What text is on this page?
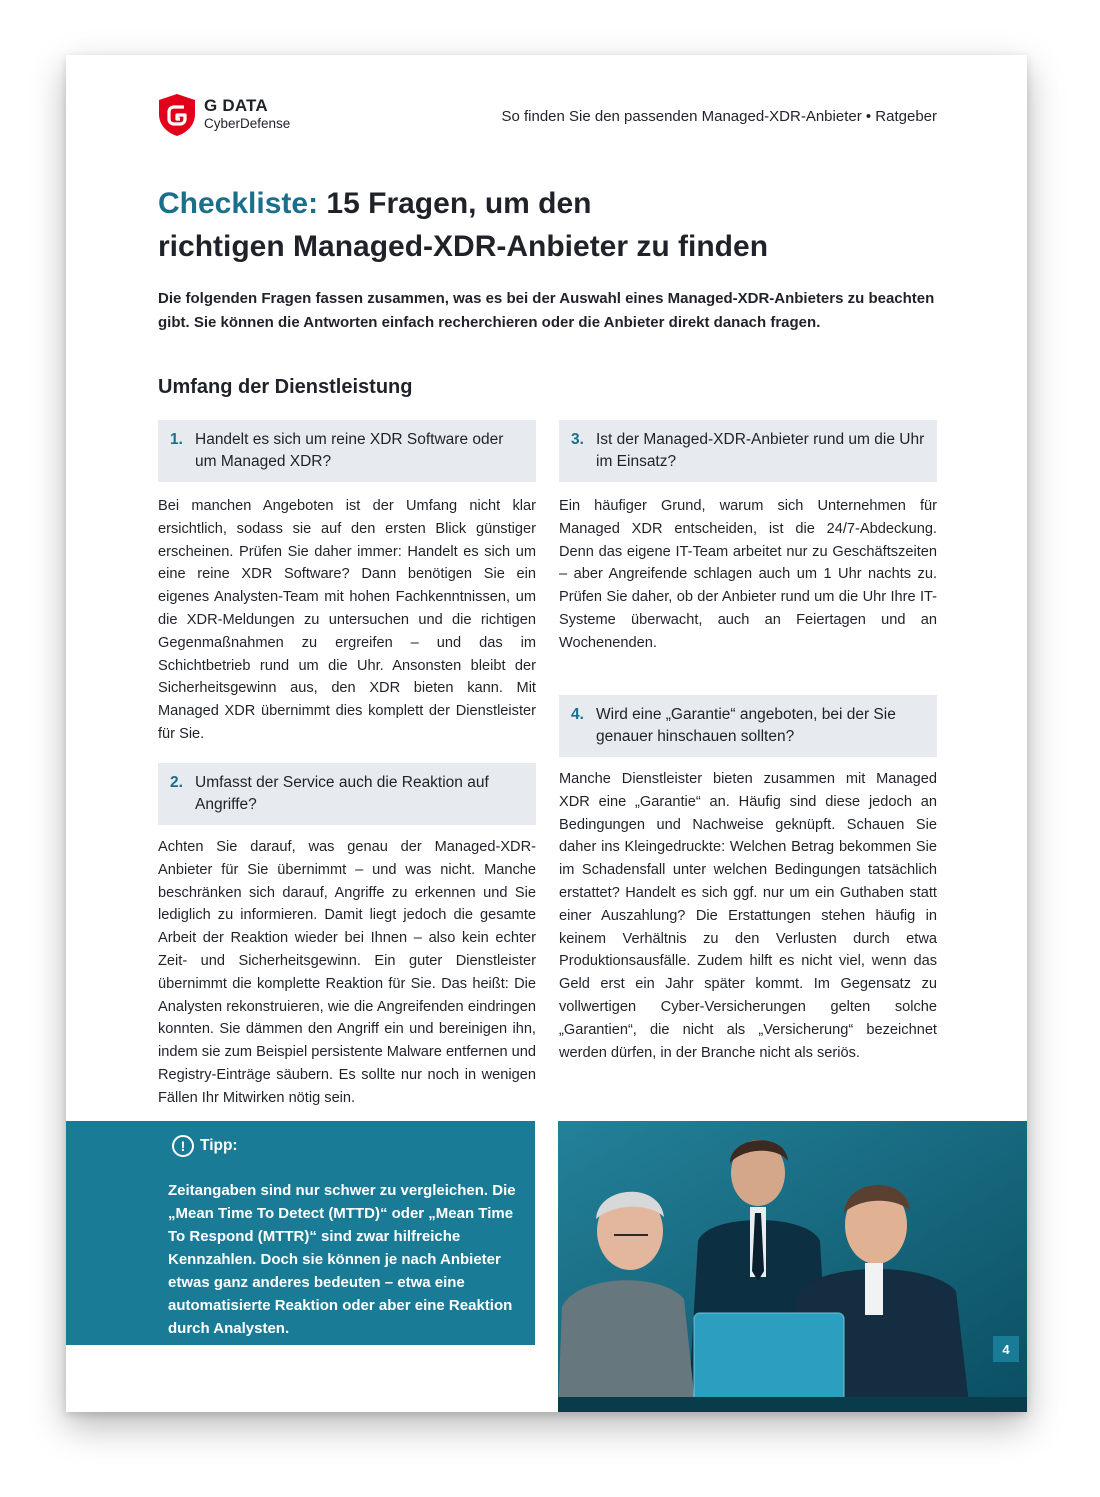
G DATA
CyberDefense	So finden Sie den passenden Managed-XDR-Anbieter • Ratgeber
Checkliste: 15 Fragen, um den
richtigen Managed-XDR-Anbieter zu finden

Die folgenden Fragen fassen zusammen, was es bei der Auswahl eines Managed-XDR-Anbieters zu beachten gibt. Sie können die Antworten einfach recherchieren oder die Anbieter direkt danach fragen.

Umfang der Dienstleistung
1. Handelt es sich um reine XDR Software oder um Managed XDR?

Bei manchen Angeboten ist der Umfang nicht klar ersichtlich, sodass sie auf den ersten Blick günstiger erscheinen. Prüfen Sie daher immer: Handelt es sich um eine reine XDR Software? Dann benötigen Sie ein eigenes Analysten-Team mit hohen Fachkenntnissen, um die XDR-Meldungen zu untersuchen und die richtigen Gegenmaßnahmen zu ergreifen – und das im Schichtbetrieb rund um die Uhr. Ansonsten bleibt der Sicherheitsgewinn aus, den XDR bieten kann. Mit Managed XDR übernimmt dies komplett der Dienstleister für Sie.

2. Umfasst der Service auch die Reaktion auf Angriffe?

Achten Sie darauf, was genau der Managed-XDR-Anbieter für Sie übernimmt – und was nicht. Manche beschränken sich darauf, Angriffe zu erkennen und Sie lediglich zu informieren. Damit liegt jedoch die gesamte Arbeit der Reaktion wieder bei Ihnen – also kein echter Zeit- und Sicherheitsgewinn. Ein guter Dienstleister übernimmt die komplette Reaktion für Sie. Das heißt: Die Analysten rekonstruieren, wie die Angreifenden eindringen konnten. Sie dämmen den Angriff ein und bereinigen ihn, indem sie zum Beispiel persistente Malware entfernen und Registry-Einträge säubern. Es sollte nur noch in wenigen Fällen Ihr Mitwirken nötig sein.

3. Ist der Managed-XDR-Anbieter rund um die Uhr im Einsatz?

Ein häufiger Grund, warum sich Unternehmen für Managed XDR entscheiden, ist die 24/7-Abdeckung. Denn das eigene IT-Team arbeitet nur zu Geschäftszeiten – aber Angreifende schlagen auch um 1 Uhr nachts zu. Prüfen Sie daher, ob der Anbieter rund um die Uhr Ihre IT-Systeme überwacht, auch an Feiertagen und an Wochenenden.

4. Wird eine „Garantie“ angeboten, bei der Sie genauer hinschauen sollten?

Manche Dienstleister bieten zusammen mit Managed XDR eine „Garantie“ an. Häufig sind diese jedoch an Bedingungen und Nachweise geknüpft. Schauen Sie daher ins Kleingedruckte: Welchen Betrag bekommen Sie im Schadensfall unter welchen Bedingungen tatsächlich erstattet? Handelt es sich ggf. nur um ein Guthaben statt einer Auszahlung? Die Erstattungen stehen häufig in keinem Verhältnis zu den Verlusten durch etwa Produktionsausfälle. Zudem hilft es nicht viel, wenn das Geld erst ein Jahr später kommt. Im Gegensatz zu vollwertigen Cyber-Versicherungen gelten solche „Garantien“, die nicht als „Versicherung“ bezeichnet werden dürfen, in der Branche nicht als seriös.

! Tipp:

Zeitangaben sind nur schwer zu vergleichen. Die „Mean Time To Detect (MTTD)“ oder „Mean Time To Respond (MTTR)“ sind zwar hilfreiche Kennzahlen. Doch sie können je nach Anbieter etwas ganz anderes bedeuten – etwa eine automatisierte Reaktion oder aber eine Reaktion durch Analysten.

4
